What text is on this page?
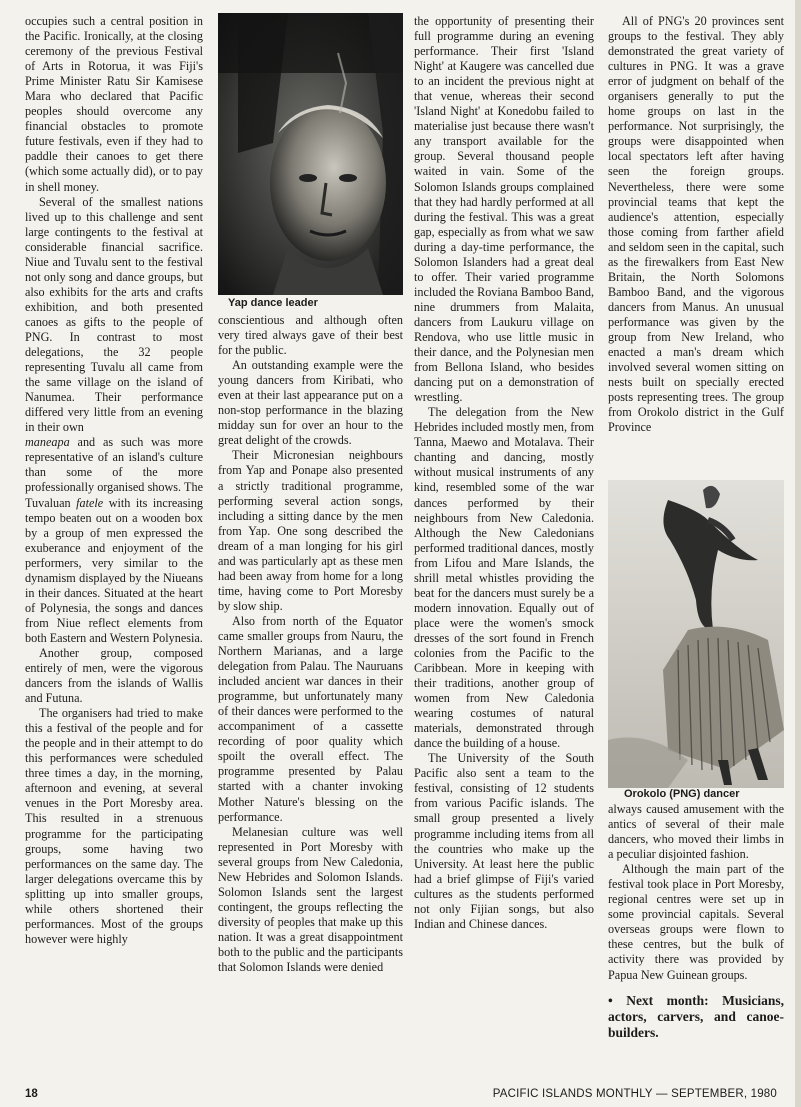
occupies such a central position in the Pacific. Ironically, at the closing ceremony of the previous Festival of Arts in Rotorua, it was Fiji's Prime Minister Ratu Sir Kamisese Mara who declared that Pacific peoples should overcome any financial obstacles to promote future festivals, even if they had to paddle their canoes to get there (which some actually did), or to pay in shell money.

Several of the smallest nations lived up to this challenge and sent large contingents to the festival at considerable financial sacrifice. Niue and Tuvalu sent to the festival not only song and dance groups, but also exhibits for the arts and crafts exhibition, and both presented canoes as gifts to the people of PNG. In contrast to most delegations, the 32 people representing Tuvalu all came from the same village on the island of Nanumea. Their performance differed very little from an evening in their own

maneapa and as such was more representative of an island's culture than some of the more professionally organised shows. The Tuvaluan fatele with its increasing tempo beaten out on a wooden box by a group of men expressed the exuberance and enjoyment of the performers, very similar to the dynamism displayed by the Niueans in their dances. Situated at the heart of Polynesia, the songs and dances from Niue reflect elements from both Eastern and Western Polynesia.

Another group, composed entirely of men, were the vigorous dancers from the islands of Wallis and Futuna.

The organisers had tried to make this a festival of the people and for the people and in their attempt to do this performances were scheduled three times a day, in the morning, afternoon and evening, at several venues in the Port Moresby area. This resulted in a strenuous programme for the participating groups, some having two performances on the same day. The larger delegations overcame this by splitting up into smaller groups, while others shortened their performances. Most of the groups however were highly

Yap dance leader

conscientious and although often very tired always gave of their best for the public.

An outstanding example were the young dancers from Kiribati, who even at their last appearance put on a non-stop performance in the blazing midday sun for over an hour to the great delight of the crowds.

Their Micronesian neighbours from Yap and Ponape also presented a strictly traditional programme, performing several action songs, including a sitting dance by the men from Yap. One song described the dream of a man longing for his girl and was particularly apt as these men had been away from home for a long time, having come to Port Moresby by slow ship.

Also from north of the Equator came smaller groups from Nauru, the Northern Marianas, and a large delegation from Palau. The Nauruans included ancient war dances in their programme, but unfortunately many of their dances were performed to the accompaniment of a cassette recording of poor quality which spoilt the overall effect. The programme presented by Palau started with a chanter invoking Mother Nature's blessing on the performance.

Melanesian culture was well represented in Port Moresby with several groups from New Caledonia, New Hebrides and Solomon Islands. Solomon Islands sent the largest contingent, the groups reflecting the diversity of peoples that make up this nation. It was a great disappointment both to the public and the participants that Solomon Islands were denied

the opportunity of presenting their full programme during an evening performance. Their first 'Island Night' at Kaugere was cancelled due to an incident the previous night at that venue, whereas their second 'Island Night' at Konedobu failed to materialise just because there wasn't any transport available for the group. Several thousand people waited in vain. Some of the Solomon Islands groups complained that they had hardly performed at all during the festival. This was a great gap, especially as from what we saw during a day-time performance, the Solomon Islanders had a great deal to offer. Their varied programme included the Roviana Bamboo Band, nine drummers from Malaita, dancers from Laukuru village on Rendova, who use little music in their dance, and the Polynesian men from Bellona Island, who besides dancing put on a demonstration of wrestling.

The delegation from the New Hebrides included mostly men, from Tanna, Maewo and Motalava. Their chanting and dancing, mostly without musical instruments of any kind, resembled some of the war dances performed by their neighbours from New Caledonia. Although the New Caledonians performed traditional dances, mostly from Lifou and Mare Islands, the shrill metal whistles providing the beat for the dancers must surely be a modern innovation. Equally out of place were the women's smock dresses of the sort found in French colonies from the Pacific to the Caribbean. More in keeping with their traditions, another group of women from New Caledonia wearing costumes of natural materials, demonstrated through dance the building of a house.

The University of the South Pacific also sent a team to the festival, consisting of 12 students from various Pacific islands. The small group presented a lively programme including items from all the countries who make up the University. At least here the public had a brief glimpse of Fiji's varied cultures as the students performed not only Fijian songs, but also Indian and Chinese dances.

All of PNG's 20 provinces sent groups to the festival. They ably demonstrated the great variety of cultures in PNG. It was a grave error of judgment on behalf of the organisers generally to put the home groups on last in the performance. Not surprisingly, the groups were disappointed when local spectators left after having seen the foreign groups. Nevertheless, there were some provincial teams that kept the audience's attention, especially those coming from farther afield and seldom seen in the capital, such as the firewalkers from East New Britain, the North Solomons Bamboo Band, and the vigorous dancers from Manus. An unusual performance was given by the group from New Ireland, who enacted a man's dream which involved several women sitting on nests built on specially erected posts representing trees. The group from Orokolo district in the Gulf Province

Orokolo (PNG) dancer

always caused amusement with the antics of several of their male dancers, who moved their limbs in a peculiar disjointed fashion.

Although the main part of the festival took place in Port Moresby, regional centres were set up in some provincial capitals. Several overseas groups were flown to these centres, but the bulk of activity there was provided by Papua New Guinean groups.

• Next month: Musicians, actors, carvers, and canoe-builders.

18	PACIFIC ISLANDS MONTHLY — SEPTEMBER, 1980
